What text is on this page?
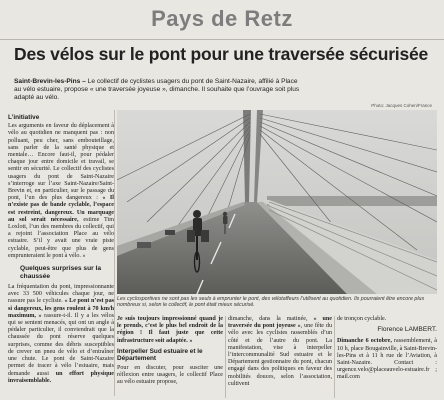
Pays de Retz
Des vélos sur le pont pour une traversée sécurisée
Saint-Brevin-les-Pins – Le collectif de cyclistes usagers du pont de Saint-Nazaire, affilié à Place au vélo estuaire, propose « une traversée joyeuse », dimanche. Il souhaite que l’ouvrage soit plus adapté au vélo.
L’initiative

Les arguments en faveur du déplacement à vélo au quotidien ne manquent pas : non polluant, peu cher, sans embouteillage, sans parler de la santé physique et mentale… Encore faut-il, pour pédaler chaque jour entre domicile et travail, se sentir en sécurité. Le collectif des cyclistes usagers du pont de Saint-Nazaire s’interroge sur l’axe Saint-Nazaire/Saint-Brevin et, en particulier, sur le passage du pont, l’un des plus dangereux : « Il n’existe pas de bande cyclable, l’espace est restreint, dangereux. Un marquage au sol serait nécessaire, estime Tim Loxlott, l’un des membres du collectif, qui a rejoint l’association Place au vélo estuaire. S’il y avait une vraie piste cyclable, peut-être que plus de gens emprunteraient le pont à vélo. »

Quelques surprises sur la chaussée

La fréquentation du pont, impressionnante avec 33 500 véhicules chaque jour, ne rassure pas le cycliste. « Le pont n’est pas si dangereux, les gens roulent à 70 km/h maximum, » rassure-t-il. Il y a les vélos qui se sentent menacés, qui ont un angle à pédaler particulier, il conviendrait que la chaussée du pont réserve quelques surprises, comme des débris susceptibles de crever un pneu de vélo et d’entraîner une chute. Le pont de Saint-Nazaire permet de tracer à vélo l’estuaire, mais demande aussi un effort physique invraisemblable.

Photo: Jacques Cohen/France
Les cyclosportives ne sont pas les seuls à emprunter le pont, des vélotaffeurs l’utilisent au quotidien. Ils pourraient être encore plus nombreux si, selon le collectif, le pont était mieux sécurisé.

Je suis toujours impressionné quand je le prends, c’est le plus bel endroit de la région ! Il faut juste que cette infrastructure soit adaptée. »

Interpeller Sud estuaire et le Département

Pour en discuter, pour susciter une réflexion entre usagers, le collectif Place au vélo estuaire propose,

dimanche, dans la matinée, « une traversée du pont joyeuse », une fête du vélo avec les cyclistes rassemblés d’un côté et de l’autre du pont. La manifestation, vise à interpeller l’intercommunalité Sud estuaire et le Département gestionnaire du pont, chacun engagé dans des politiques en faveur des mobilités douces, selon l’association, cultivent

de tronçon cyclable.

Florence LAMBERT.

Dimanche 6 octobre, rassemblement, à 10 h, place Bougainville, à Saint-Brevin-les-Pins et à 11 h rue de l’Aviation, à Saint-Nazaire. Contact : urgence.velo@placeauvelo-estuaire.fr ; mail.com
